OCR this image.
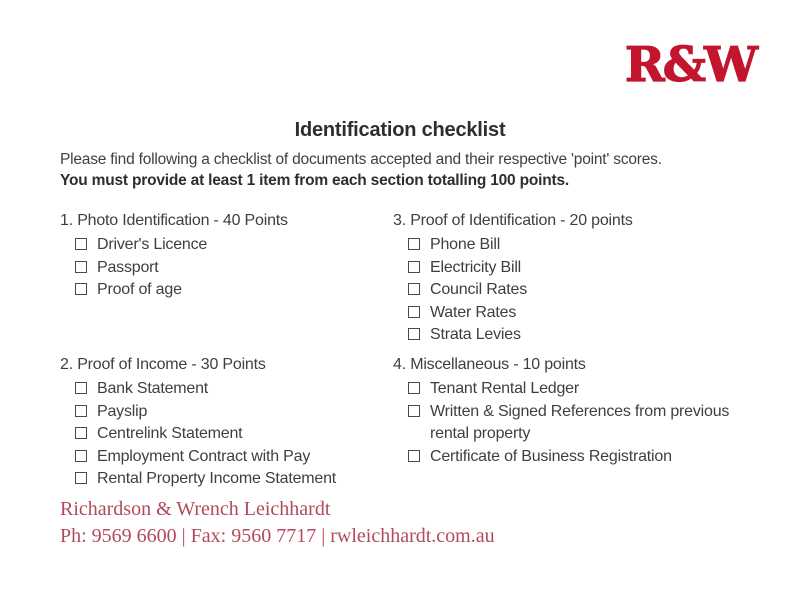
R&W
Identification checklist
Please find following a checklist of documents accepted and their respective 'point' scores.
You must provide at least 1 item from each section totalling 100 points.
1. Photo Identification - 40 Points
Driver's Licence
Passport
Proof of age
2. Proof of Income - 30 Points
Bank Statement
Payslip
Centrelink Statement
Employment Contract with Pay
Rental Property Income Statement
3. Proof of Identification - 20 points
Phone Bill
Electricity Bill
Council Rates
Water Rates
Strata Levies
4. Miscellaneous - 10 points
Tenant Rental Ledger
Written & Signed References from previous rental property
Certificate of Business Registration
Richardson & Wrench Leichhardt
Ph: 9569 6600 | Fax: 9560 7717 | rwleichhardt.com.au
